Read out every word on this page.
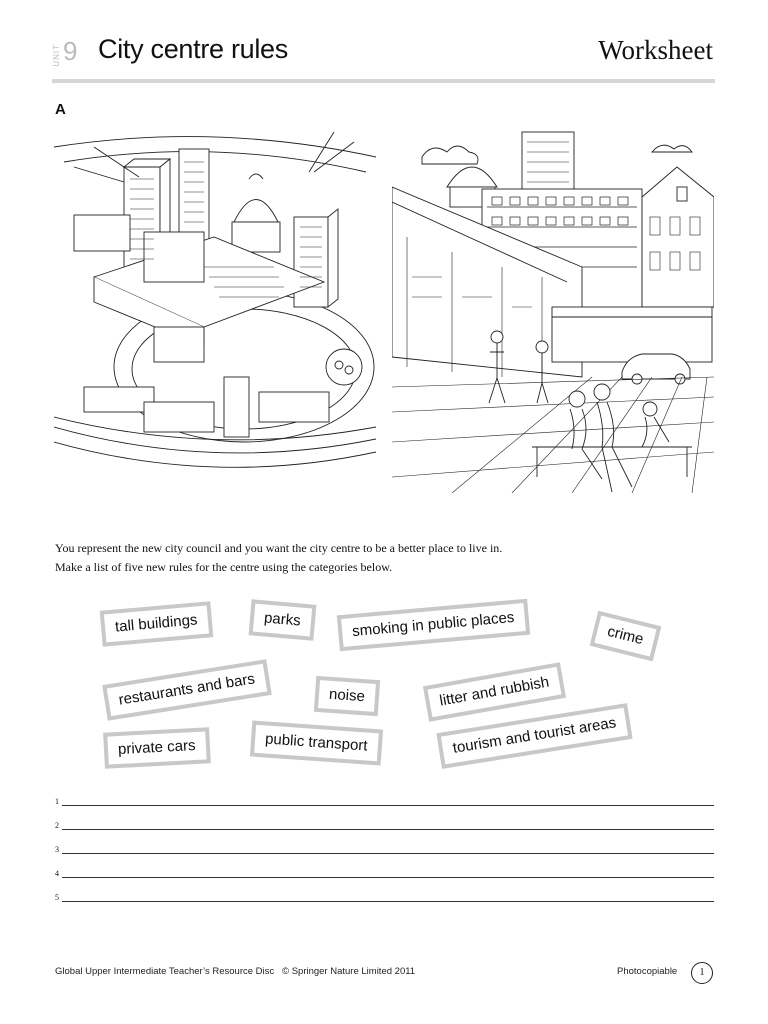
UNIT 9 City centre rules	Worksheet
A
You represent the new city council and you want the city centre to be a better place to live in.
Make a list of five new rules for the centre using the categories below.
tall buildings	parks	smoking in public places	crime
restaurants and bars	noise	litter and rubbish
private cars	public transport	tourism and tourist areas
1
2
3
4
5
Global Upper Intermediate Teacher’s Resource Disc   © Springer Nature Limited 2011	Photocopiable	1
